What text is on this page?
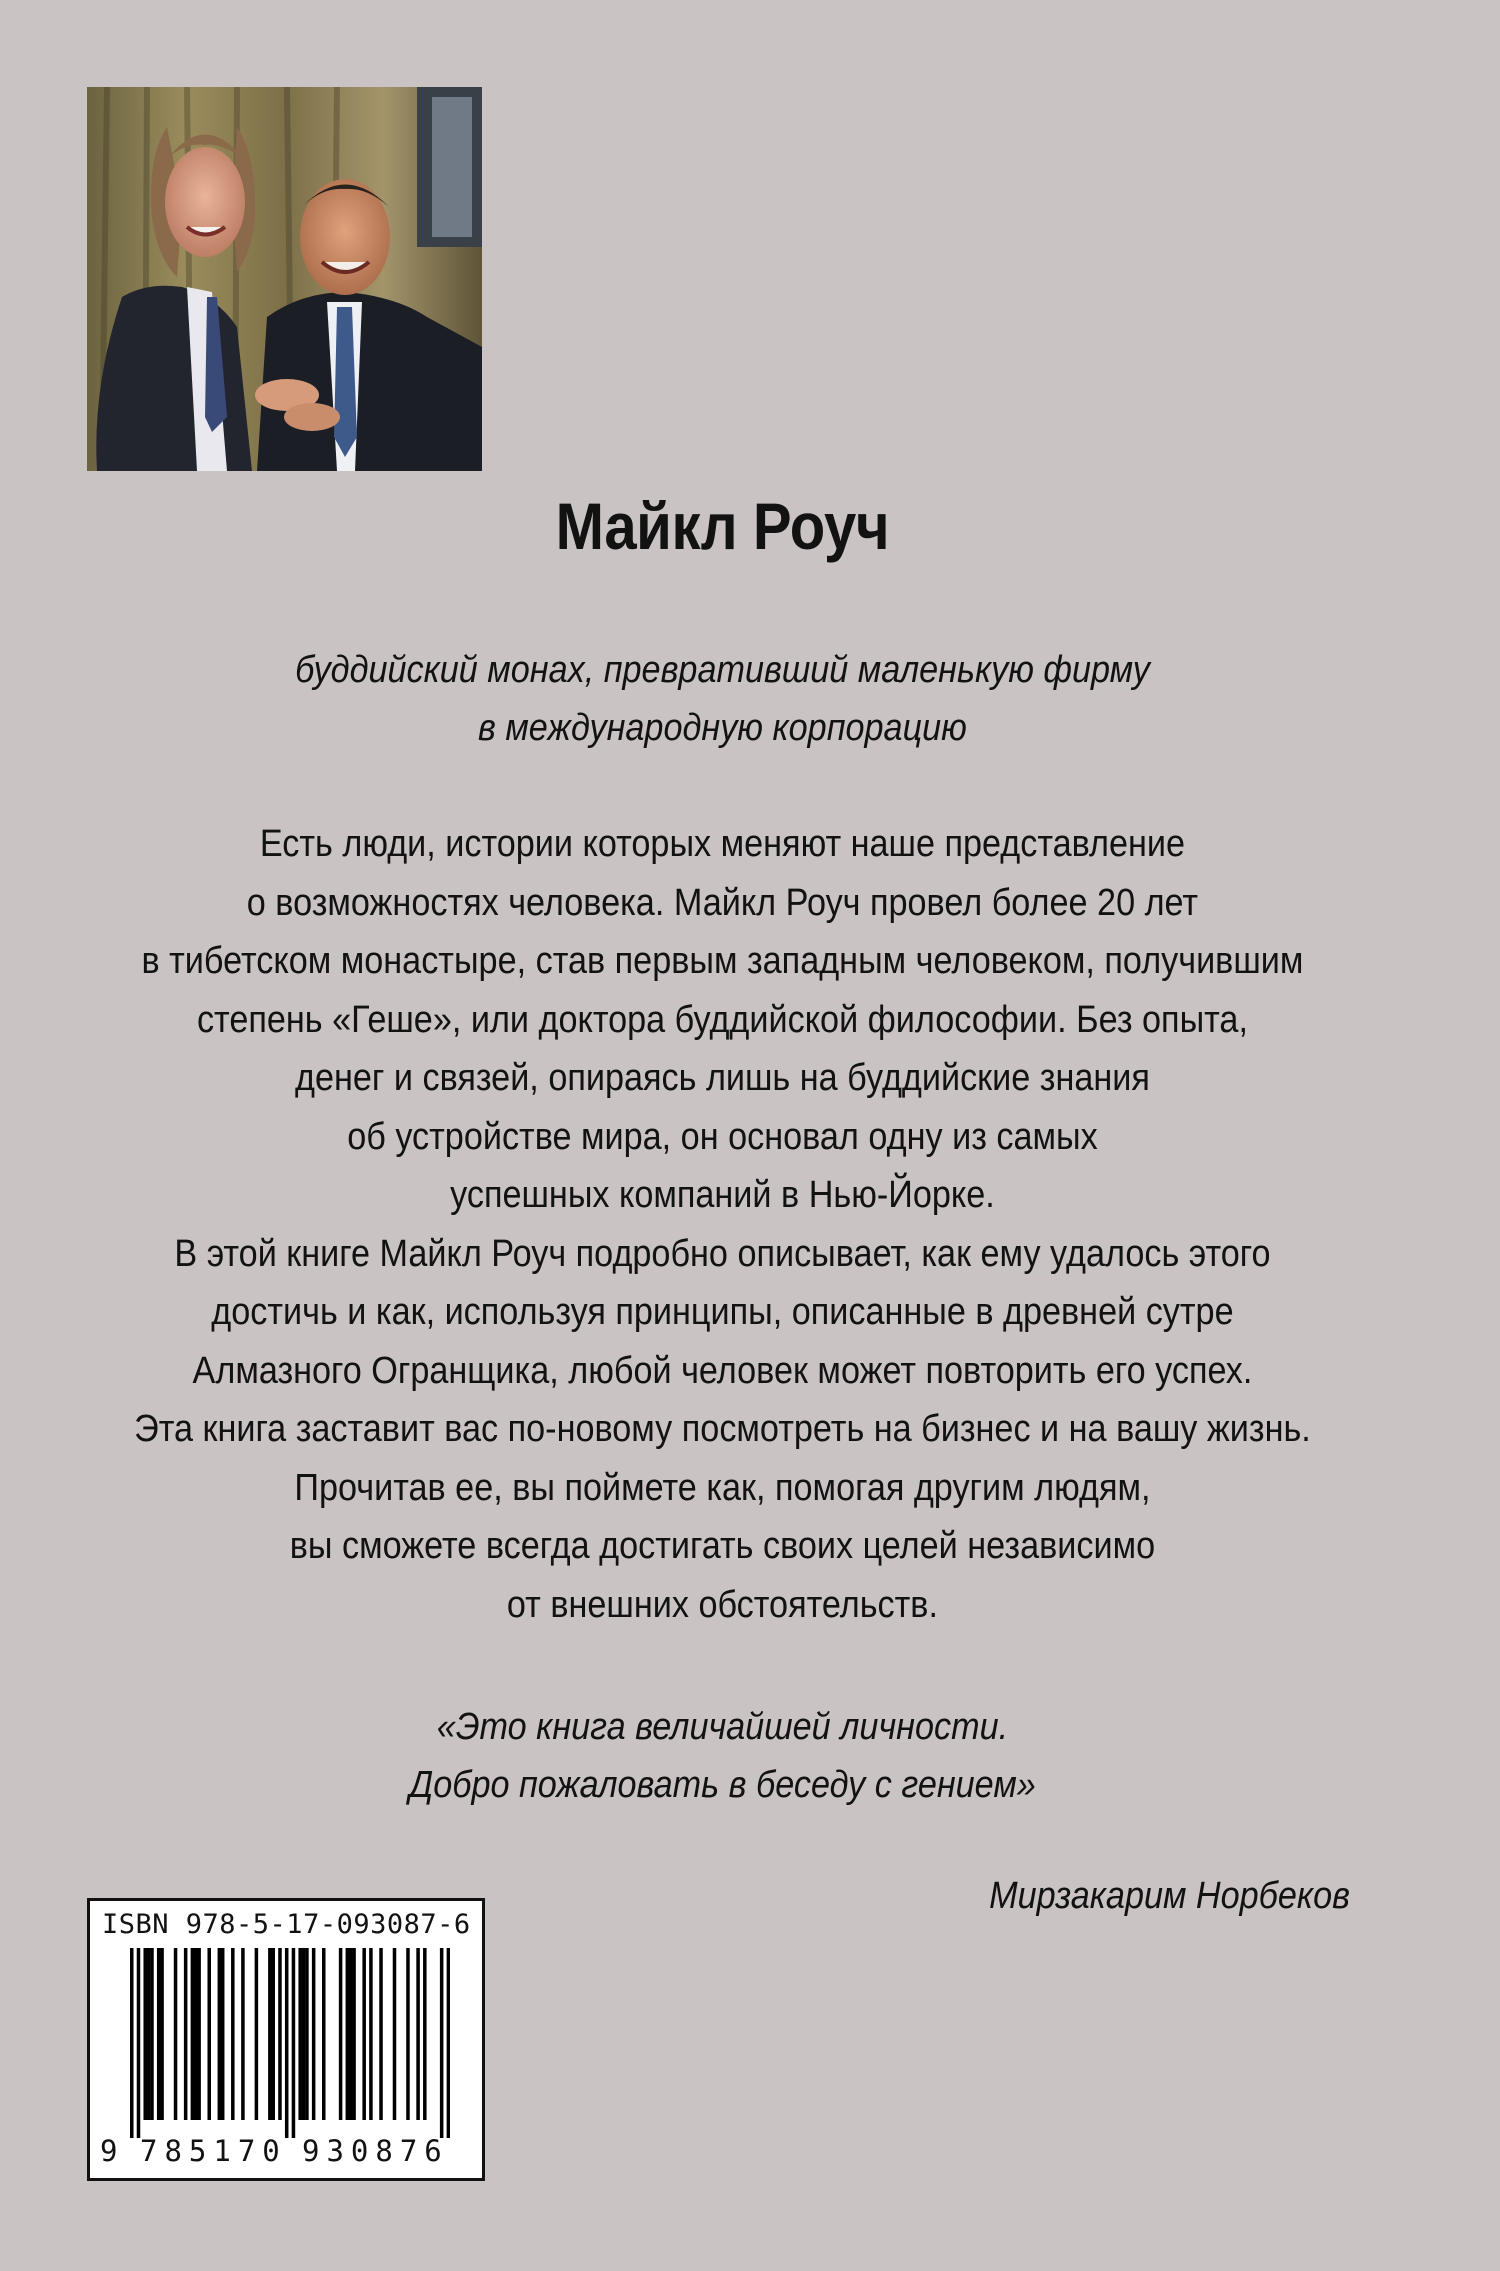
Майкл Роуч
буддийский монах, превративший маленькую фирму
в международную корпорацию
Есть люди, истории которых меняют наше представление
о возможностях человека. Майкл Роуч провел более 20 лет
в тибетском монастыре, став первым западным человеком, получившим
степень «Геше», или доктора буддийской философии. Без опыта,
денег и связей, опираясь лишь на буддийские знания
об устройстве мира, он основал одну из самых
успешных компаний в Нью-Йорке.
В этой книге Майкл Роуч подробно описывает, как ему удалось этого
достичь и как, используя принципы, описанные в древней сутре
Алмазного Огранщика, любой человек может повторить его успех.
Эта книга заставит вас по-новому посмотреть на бизнес и на вашу жизнь.
Прочитав ее, вы поймете как, помогая другим людям,
вы сможете всегда достигать своих целей независимо
от внешних обстоятельств.
«Это книга величайшей личности.
Добро пожаловать в беседу с гением»
Мирзакарим Норбеков
ISBN 978-5-17-093087-6
9 785170 930876
